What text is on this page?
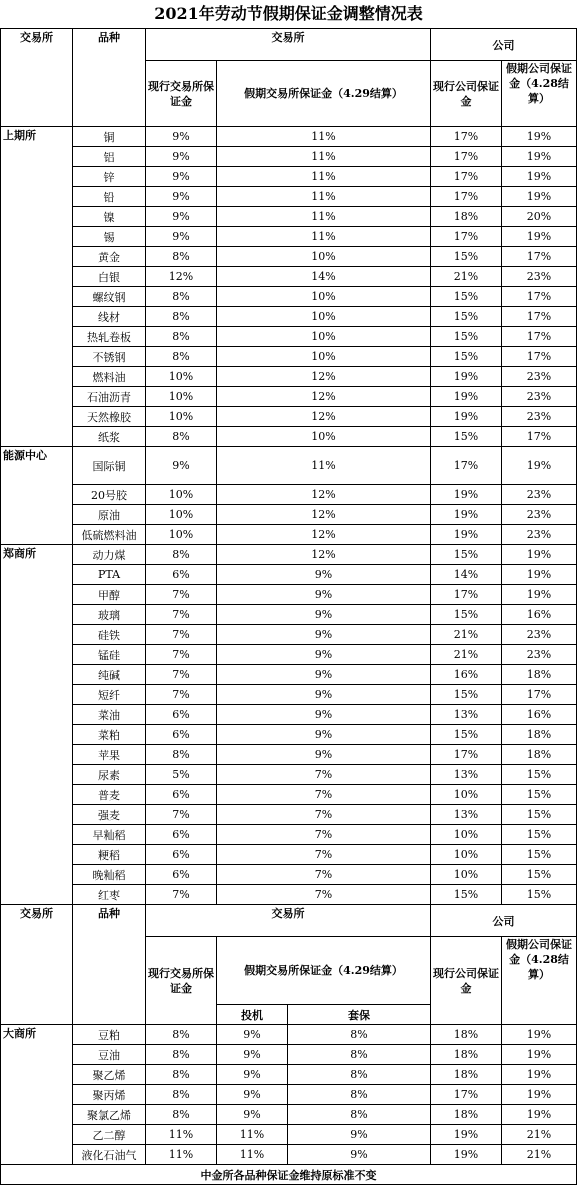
2021年劳动节假期保证金调整情况表
交易所	品种	交易所			公司	
		现行交易所保证金	假期交易所保证金（4.29结算）		现行公司保证金	假期公司保证金（4.28结算）	
上期所	铜	9%	11%		17%	19%	
	铝	9%	11%		17%	19%	
	锌	9%	11%		17%	19%	
	铅	9%	11%		17%	19%	
	镍	9%	11%		18%	20%	
	锡	9%	11%		17%	19%	
	黄金	8%	10%		15%	17%	
	白银	12%	14%		21%	23%	
	螺纹钢	8%	10%		15%	17%	
	线材	8%	10%		15%	17%	
	热轧卷板	8%	10%		15%	17%	
	不锈钢	8%	10%		15%	17%	
	燃料油	10%	12%		19%	23%	
	石油沥青	10%	12%		19%	23%	
	天然橡胶	10%	12%		19%	23%	
	纸浆	8%	10%		15%	17%	
能源中心	国际铜	9%	11%		17%	19%	
	20号胶	10%	12%		19%	23%	
	原油	10%	12%		19%	23%	
	低硫燃料油	10%	12%		19%	23%	
郑商所	动力煤	8%	12%		15%	19%	
	PTA	6%	9%		14%	19%	
	甲醇	7%	9%		17%	19%	
	玻璃	7%	9%		15%	16%	
	硅铁	7%	9%		21%	23%	
	锰硅	7%	9%		21%	23%	
	纯碱	7%	9%		16%	18%	
	短纤	7%	9%		15%	17%	
	菜油	6%	9%		13%	16%	
	菜粕	6%	9%		15%	18%	
	苹果	8%	9%		17%	18%	
	尿素	5%	7%		13%	15%	
	普麦	6%	7%		10%	15%	
	强麦	7%	7%		13%	15%	
	早籼稻	6%	7%		10%	15%	
	粳稻	6%	7%		10%	15%	
	晚籼稻	6%	7%		10%	15%	
	红枣	7%	7%		15%	15%	
交易所	品种	交易所			公司	
		现行交易所保证金	假期交易所保证金（4.29结算）		现行公司保证金	假期公司保证金（4.28结算）	
			投机	套保			
大商所	豆粕	8%	9%	8%	18%	19%	
	豆油	8%	9%	8%	18%	19%	
	聚乙烯	8%	9%	8%	18%	19%	
	聚丙烯	8%	9%	8%	17%	19%	
	聚氯乙烯	8%	9%	8%	18%	19%	
	乙二醇	11%	11%	9%	19%	21%	
	液化石油气	11%	11%	9%	19%	21%	
中金所各品种保证金维持原标准不变							
